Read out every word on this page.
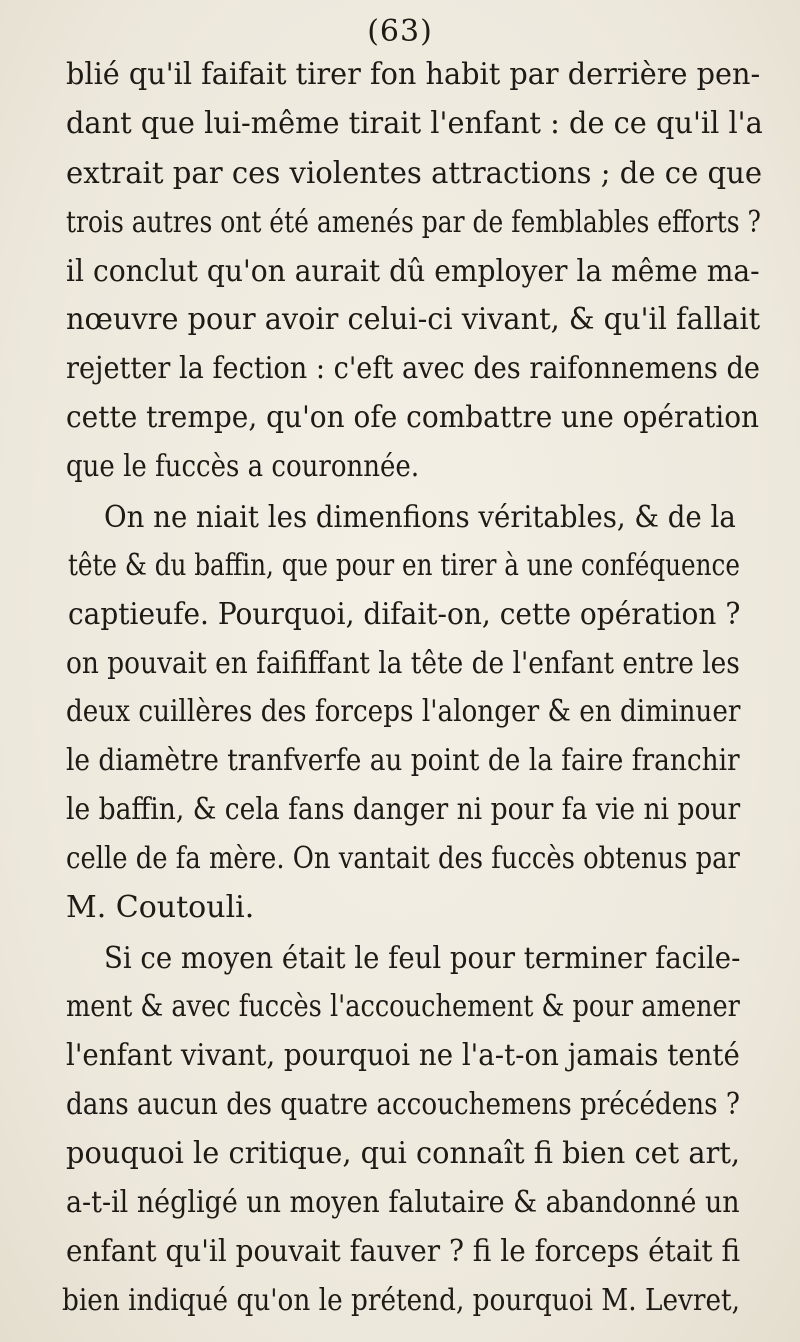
(63)
blié qu'il faifait tirer fon habit par derrière pen-
dant que lui-même tirait l'enfant : de ce qu'il l'a
extrait par ces violentes attractions ; de ce que
trois autres ont été amenés par de femblables efforts ?
il conclut qu'on aurait dû employer la même ma-
nœuvre pour avoir celui-ci vivant, & qu'il fallait
rejetter la fection : c'eft avec des raifonnemens de
cette trempe, qu'on ofe combattre une opération
que le fuccès a couronnée.
On ne niait les dimenfions véritables, & de la
tête & du baffin, que pour en tirer à une conféquence
captieufe. Pourquoi, difait-on, cette opération ?
on pouvait en faififfant la tête de l'enfant entre les
deux cuillères des forceps l'alonger & en diminuer
le diamètre tranfverfe au point de la faire franchir
le baffin, & cela fans danger ni pour fa vie ni pour
celle de fa mère. On vantait des fuccès obtenus par
M. Coutouli.
Si ce moyen était le feul pour terminer facile-
ment & avec fuccès l'accouchement & pour amener
l'enfant vivant, pourquoi ne l'a-t-on jamais tenté
dans aucun des quatre accouchemens précédens ?
pouquoi le critique, qui connaît fi bien cet art,
a-t-il négligé un moyen falutaire & abandonné un
enfant qu'il pouvait fauver ? fi le forceps était fi
bien indiqué qu'on le prétend, pourquoi M. Levret,
